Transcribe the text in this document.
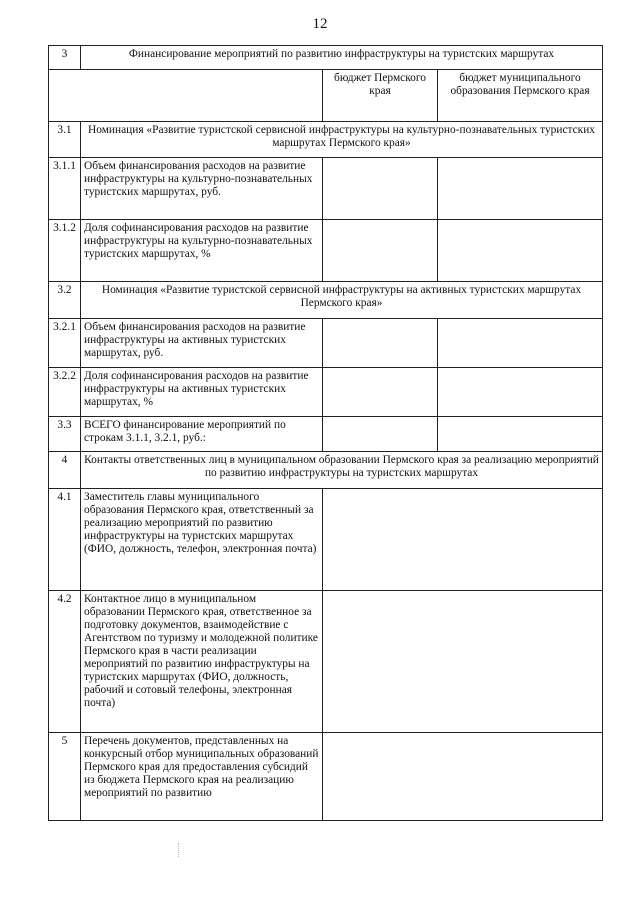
12
3	Финансирование мероприятий по развитию инфраструктуры на туристских маршрутах		
		бюджет Пермского края	бюджет муниципального образования Пермского края
3.1	Номинация «Развитие туристской сервисной инфраструктуры на культурно-познавательных туристских маршрутах Пермского края»		
3.1.1	Объем финансирования расходов на развитие инфраструктуры на культурно-познавательных туристских маршрутах, руб.		
3.1.2	Доля софинансирования расходов на развитие инфраструктуры на культурно-познавательных туристских маршрутах, %		
3.2	Номинация «Развитие туристской сервисной инфраструктуры на активных туристских маршрутах Пермского края»		
3.2.1	Объем финансирования расходов на развитие инфраструктуры на активных туристских маршрутах, руб.		
3.2.2	Доля софинансирования расходов на развитие инфраструктуры на активных туристских маршрутах, %		
3.3	ВСЕГО финансирование мероприятий по строкам 3.1.1, 3.2.1, руб.:		
4	Контакты ответственных лиц в муниципальном образовании Пермского края за реализацию мероприятий по развитию инфраструктуры на туристских маршрутах		
4.1	Заместитель главы муниципального образования Пермского края, ответственный за реализацию мероприятий по развитию инфраструктуры на туристских маршрутах (ФИО, должность, телефон, электронная почта)		
4.2	Контактное лицо в муниципальном образовании Пермского края, ответственное за подготовку документов, взаимодействие с Агентством по туризму и молодежной политике Пермского края в части реализации мероприятий по развитию инфраструктуры на туристских маршрутах (ФИО, должность, рабочий и сотовый телефоны, электронная почта)		
5	Перечень документов, представленных на конкурсный отбор муниципальных образований Пермского края для предоставления субсидий из бюджета Пермского края на реализацию мероприятий по развитию		
